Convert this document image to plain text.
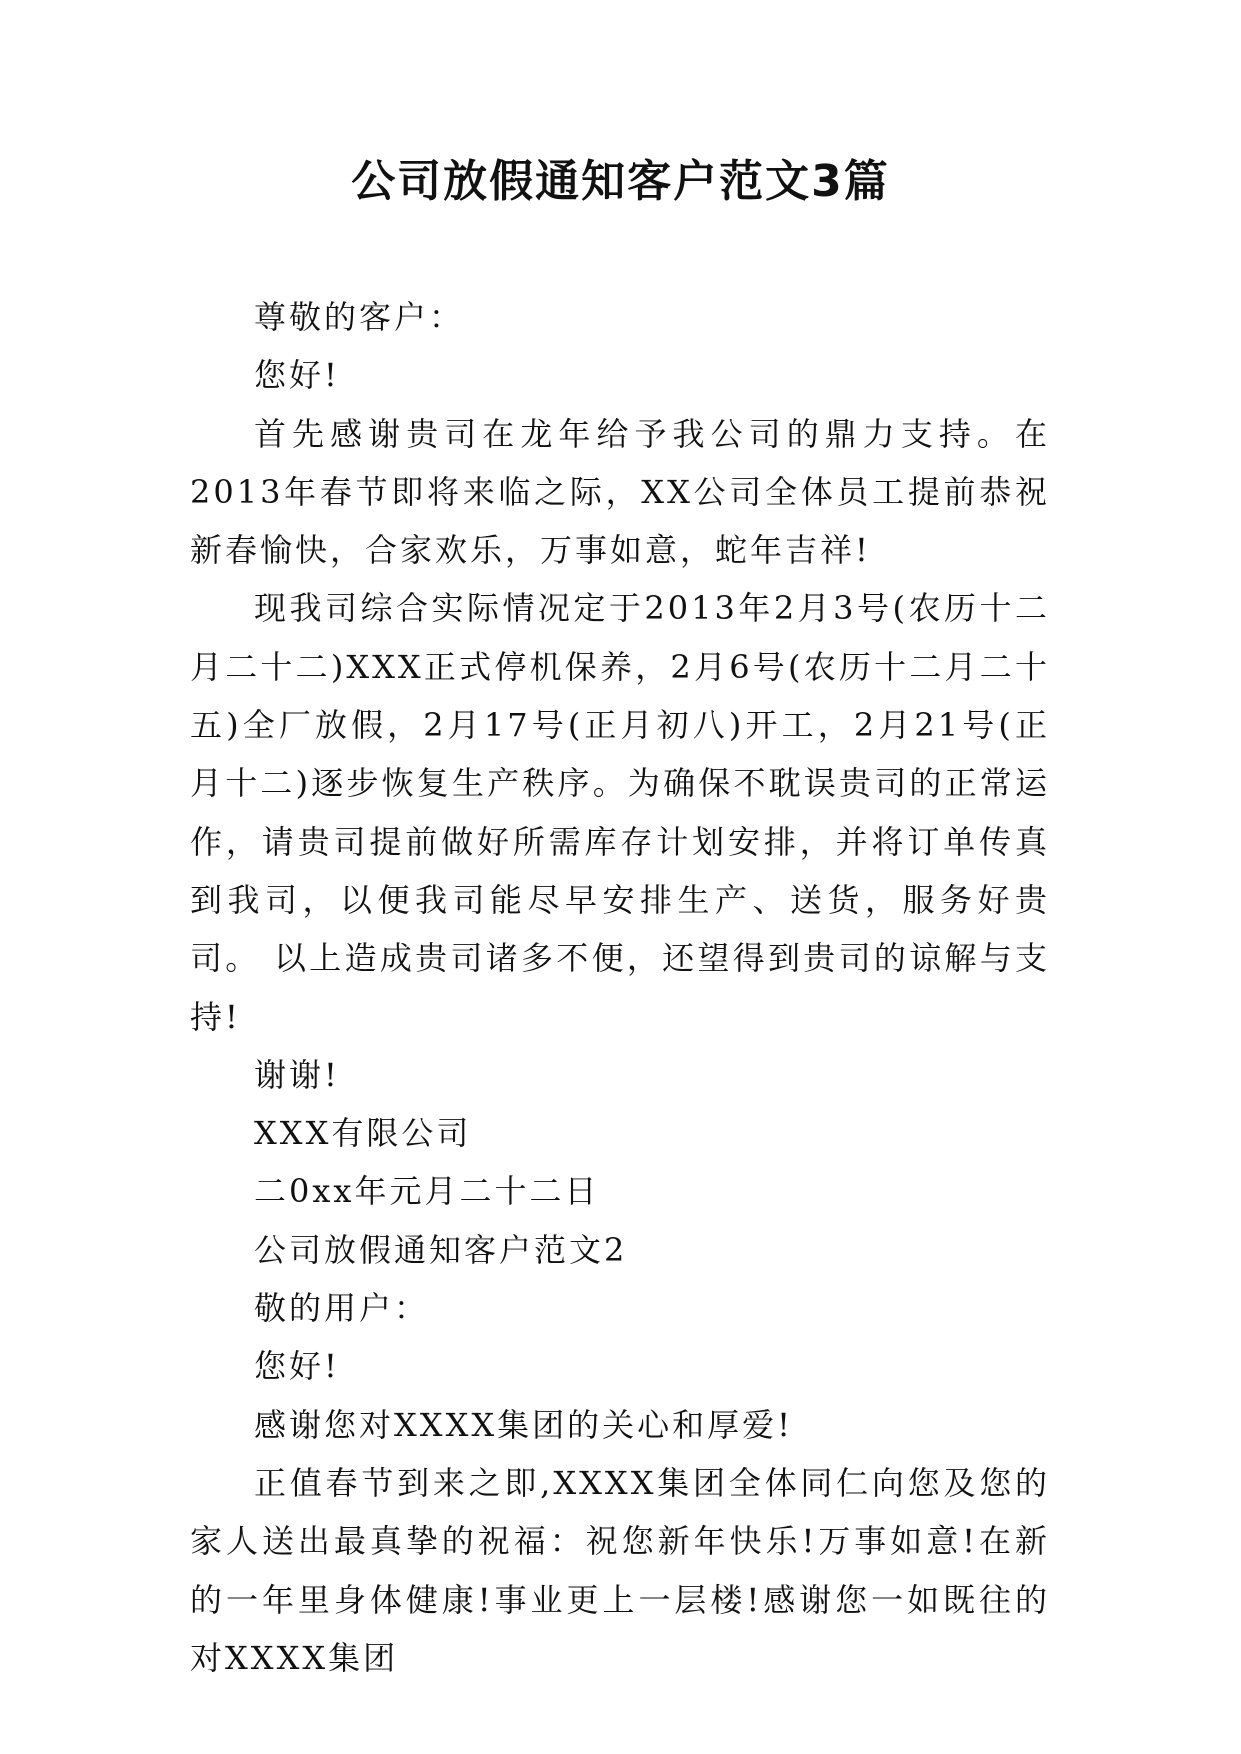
公司放假通知客户范文3篇

尊敬的客户：

您好!

首先感谢贵司在龙年给予我公司的鼎力支持。在2013年春节即将来临之际，XX公司全体员工提前恭祝新春愉快，合家欢乐，万事如意，蛇年吉祥!

现我司综合实际情况定于2013年2月3号(农历十二月二十二)XXX正式停机保养，2月6号(农历十二月二十五)全厂放假，2月17号(正月初八)开工，2月21号(正月十二)逐步恢复生产秩序。为确保不耽误贵司的正常运作，请贵司提前做好所需库存计划安排，并将订单传真到我司，以便我司能尽早安排生产、送货，服务好贵司。 以上造成贵司诸多不便，还望得到贵司的谅解与支持!

谢谢!

XXX有限公司

二0xx年元月二十二日

公司放假通知客户范文2

敬的用户：

您好!

感谢您对XXXX集团的关心和厚爱!

正值春节到来之即,XXXX集团全体同仁向您及您的家人送出最真挚的祝福：祝您新年快乐!万事如意!在新的一年里身体健康!事业更上一层楼!感谢您一如既往的对XXXX集团
